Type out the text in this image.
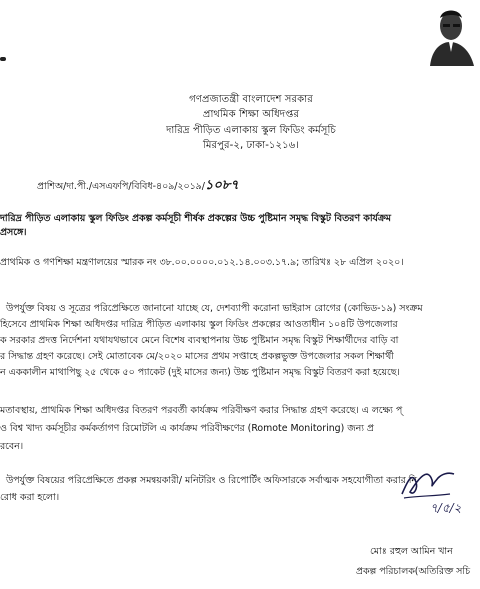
গণপ্রজাতন্ত্রী বাংলাদেশ সরকার
প্রাথমিক শিক্ষা অধিদপ্তর
দারিদ্র পীড়িত এলাকায় স্কুল ফিডিং কর্মসূচি
মিরপুর-২, ঢাকা-১২১৬।
প্রাশিঅ/দা.পী./এসএফপি/বিবিধ-৪০৯/২০১৯/১০৮৭
দারিদ্র পীড়িত এলাকায় স্কুল ফিডিং প্রকল্প কর্মসূচী শীর্ষক প্রকল্পের উচ্চ পুষ্টিমান সমৃদ্ধ বিস্কুট বিতরণ কার্যক্রম
প্রসঙ্গে।
প্রাথমিক ও গণশিক্ষা মন্ত্রণালয়ের স্মারক নং ৩৮.০০.০০০০.০১২.১৪.০০৩.১৭.৯; তারিখঃ ২৮ এপ্রিল ২০২০।
উপর্যুক্ত বিষয় ও সূত্রের পরিপ্রেক্ষিতে জানানো যাচ্ছে যে, দেশব্যাপী করোনা ভাইরাস রোগের (কোভিড-১৯) সংক্রম
হিসেবে প্রাথমিক শিক্ষা অধিদপ্তর দারিদ্র পীড়িত এলাকায় স্কুল ফিডিং প্রকল্পের আওতাধীন ১০৪টি উপজেলার
ক সরকার প্রদত্ত নির্দেশনা যথাযথভাবে মেনে বিশেষ ব্যবস্থাপনায় উচ্চ পুষ্টিমান সমৃদ্ধ বিস্কুট শিক্ষার্থীদের বাড়ি বা
র সিদ্ধান্ত গ্রহণ করেছে। সেই মোতাবেক মে/২০২০ মাসের প্রথম সপ্তাহে প্রকল্পভুক্ত উপজেলার সকল শিক্ষার্থী
ন এককালীন মাথাপিছু ২৫ থেকে ৫০ প্যাকেট (দুই মাসের জন্য) উচ্চ পুষ্টিমান সমৃদ্ধ বিস্কুট বিতরণ করা হয়েছে।
মতাবস্থায়, প্রাথমিক শিক্ষা অধিদপ্তর বিতরণ পরবর্তী কার্যক্রম পরিবীক্ষণ করার সিদ্ধান্ত গ্রহণ করেছে। এ লক্ষ্যে প্
ও বিশ্ব খাদ্য কর্মসূচীর কর্মকর্তাগণ রিমোটলি এ কার্যক্রম পরিবীক্ষণের (Romote Monitoring) জন্য প্র
রবেন।
উপর্যুক্ত বিষয়ের পরিপ্রেক্ষিতে প্রকল্প সমন্বয়কারী/ মনিটরিং ও রিপোর্টিং অফিসারকে সর্বাত্মক সহযোগীতা করার নি
রোধ করা হলো।
৭/৫/২
মোঃ রহুল আমিন খান
প্রকল্প পরিচালক(অতিরিক্ত সচি
